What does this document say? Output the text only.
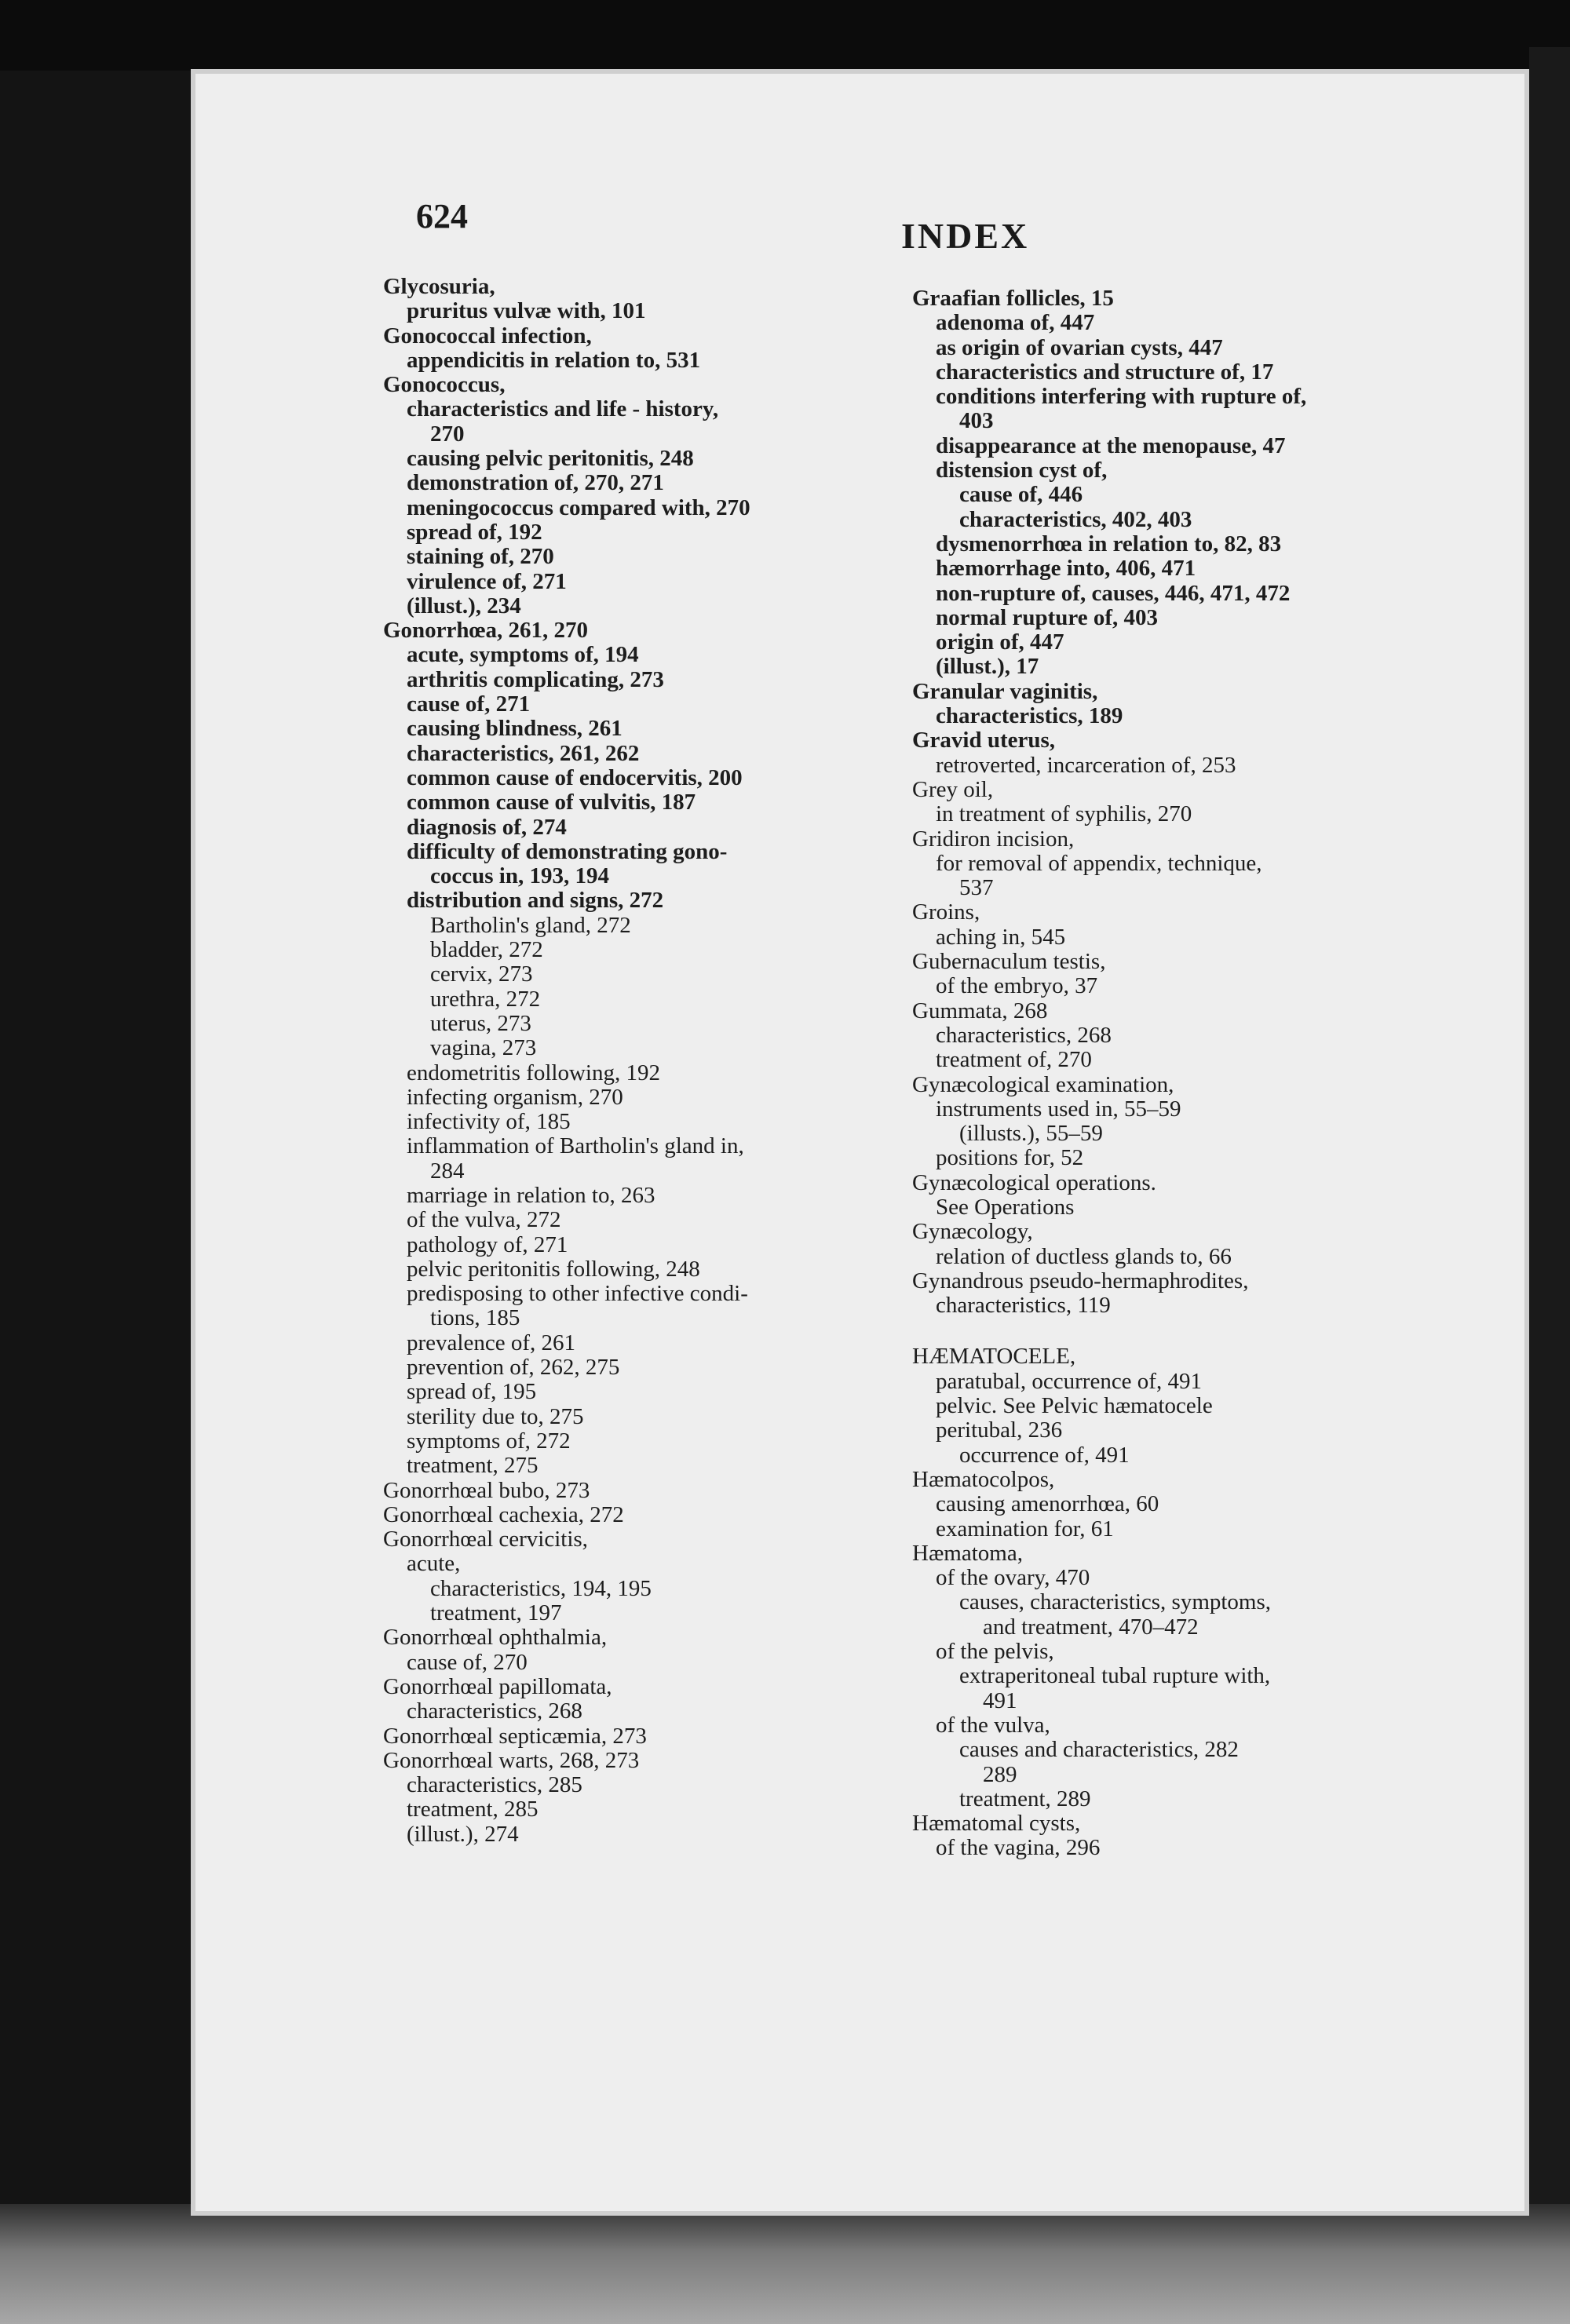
624	INDEX
Glycosuria,
pruritus vulvæ with, 101
Gonococcal infection,
appendicitis in relation to, 531
Gonococcus,
characteristics and life - history,
270
causing pelvic peritonitis, 248
demonstration of, 270, 271
meningococcus compared with, 270
spread of, 192
staining of, 270
virulence of, 271
(illust.), 234
Gonorrhœa, 261, 270
acute, symptoms of, 194
arthritis complicating, 273
cause of, 271
causing blindness, 261
characteristics, 261, 262
common cause of endocervitis, 200
common cause of vulvitis, 187
diagnosis of, 274
difficulty of demonstrating gono-
coccus in, 193, 194
distribution and signs, 272
Bartholin's gland, 272
bladder, 272
cervix, 273
urethra, 272
uterus, 273
vagina, 273
endometritis following, 192
infecting organism, 270
infectivity of, 185
inflammation of Bartholin's gland in,
284
marriage in relation to, 263
of the vulva, 272
pathology of, 271
pelvic peritonitis following, 248
predisposing to other infective condi-
tions, 185
prevalence of, 261
prevention of, 262, 275
spread of, 195
sterility due to, 275
symptoms of, 272
treatment, 275
Gonorrhœal bubo, 273
Gonorrhœal cachexia, 272
Gonorrhœal cervicitis,
acute,
characteristics, 194, 195
treatment, 197
Gonorrhœal ophthalmia,
cause of, 270
Gonorrhœal papillomata,
characteristics, 268
Gonorrhœal septicæmia, 273
Gonorrhœal warts, 268, 273
characteristics, 285
treatment, 285
(illust.), 274
Graafian follicles, 15
adenoma of, 447
as origin of ovarian cysts, 447
characteristics and structure of, 17
conditions interfering with rupture of,
403
disappearance at the menopause, 47
distension cyst of,
cause of, 446
characteristics, 402, 403
dysmenorrhœa in relation to, 82, 83
hæmorrhage into, 406, 471
non-rupture of, causes, 446, 471, 472
normal rupture of, 403
origin of, 447
(illust.), 17
Granular vaginitis,
characteristics, 189
Gravid uterus,
retroverted, incarceration of, 253
Grey oil,
in treatment of syphilis, 270
Gridiron incision,
for removal of appendix, technique,
537
Groins,
aching in, 545
Gubernaculum testis,
of the embryo, 37
Gummata, 268
characteristics, 268
treatment of, 270
Gynæcological examination,
instruments used in, 55–59
(illusts.), 55–59
positions for, 52
Gynæcological operations.
See Operations
Gynæcology,
relation of ductless glands to, 66
Gynandrous pseudo-hermaphrodites,
characteristics, 119
HÆMATOCELE,
paratubal, occurrence of, 491
pelvic. See Pelvic hæmatocele
peritubal, 236
occurrence of, 491
Hæmatocolpos,
causing amenorrhœa, 60
examination for, 61
Hæmatoma,
of the ovary, 470
causes, characteristics, symptoms,
and treatment, 470–472
of the pelvis,
extraperitoneal tubal rupture with,
491
of the vulva,
causes and characteristics, 282
289
treatment, 289
Hæmatomal cysts,
of the vagina, 296
